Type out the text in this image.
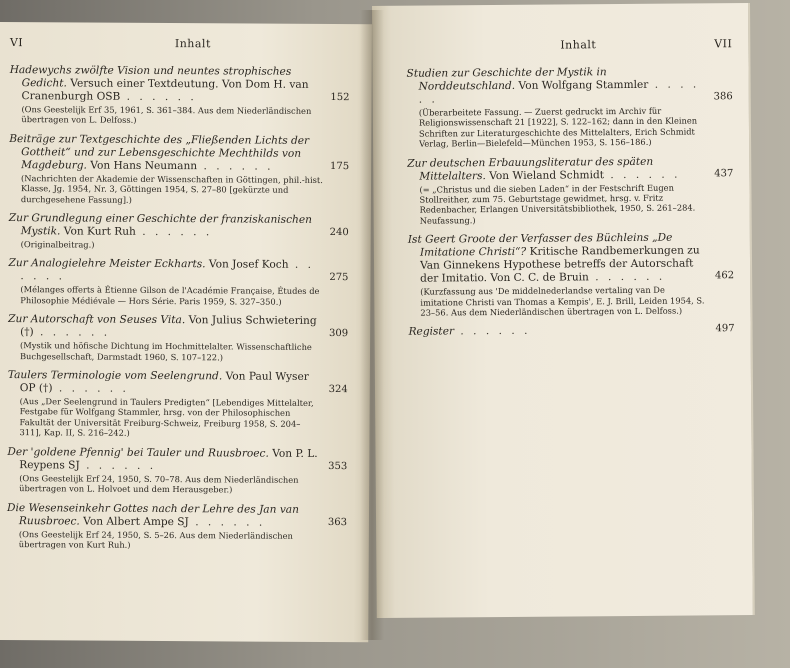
VI	Inhalt

Hadewychs zwölfte Vision und neuntes strophisches Gedicht. Versuch einer Textdeutung. Von Dom H. van Cranenburgh OSB . . . . . .	152

(Ons Geestelijk Erf 35, 1961, S. 361–384. Aus dem Niederländischen übertragen von L. Delfoss.)

Beiträge zur Textgeschichte des „Fließenden Lichts der Gottheit“ und zur Lebensgeschichte Mechthilds von Magdeburg. Von Hans Neumann . . . . . .	175

(Nachrichten der Akademie der Wissenschaften in Göttingen, phil.-hist. Klasse, Jg. 1954, Nr. 3, Göttingen 1954, S. 27–80 [gekürzte und durchgesehene Fassung].)

Zur Grundlegung einer Geschichte der franziskanischen Mystik. Von Kurt Ruh . . . . . .	240

(Originalbeitrag.)

Zur Analogielehre Meister Eckharts. Von Josef Koch . . . . . .	275

(Mélanges offerts à Étienne Gilson de l'Académie Française, Études de Philosophie Médiévale — Hors Série. Paris 1959, S. 327–350.)

Zur Autorschaft von Seuses Vita. Von Julius Schwietering (†) . . . . . .	309

(Mystik und höfische Dichtung im Hochmittelalter. Wissenschaftliche Buchgesellschaft, Darmstadt 1960, S. 107–122.)

Taulers Terminologie vom Seelengrund. Von Paul Wyser OP (†) . . . . . .	324

(Aus „Der Seelengrund in Taulers Predigten“ [Lebendiges Mittelalter, Festgabe für Wolfgang Stammler, hrsg. von der Philosophischen Fakultät der Universität Freiburg-Schweiz, Freiburg 1958, S. 204–311], Kap. II, S. 216–242.)

Der 'goldene Pfennig' bei Tauler und Ruusbroec. Von P. L. Reypens SJ . . . . . .	353

(Ons Geestelijk Erf 24, 1950, S. 70–78. Aus dem Niederländischen übertragen von L. Holvoet und dem Herausgeber.)

Die Wesenseinkehr Gottes nach der Lehre des Jan van Ruusbroec. Von Albert Ampe SJ . . . . . .	363

(Ons Geestelijk Erf 24, 1950, S. 5–26. Aus dem Niederländischen übertragen von Kurt Ruh.)

Inhalt	VII

Studien zur Geschichte der Mystik in Norddeutschland. Von Wolfgang Stammler . . . . . .	386

(Überarbeitete Fassung. — Zuerst gedruckt im Archiv für Religionswissenschaft 21 [1922], S. 122–162; dann in den Kleinen Schriften zur Literaturgeschichte des Mittelalters, Erich Schmidt Verlag, Berlin—Bielefeld—München 1953, S. 156–186.)

Zur deutschen Erbauungsliteratur des späten Mittelalters. Von Wieland Schmidt . . . . . .	437

(= „Christus und die sieben Laden“ in der Festschrift Eugen Stollreither, zum 75. Geburtstage gewidmet, hrsg. v. Fritz Redenbacher, Erlangen Universitätsbibliothek, 1950, S. 261–284. Neufassung.)

Ist Geert Groote der Verfasser des Büchleins „De Imitatione Christi“? Kritische Randbemerkungen zu Van Ginnekens Hypothese betreffs der Autorschaft der Imitatio. Von C. C. de Bruin . . . . . .	462

(Kurzfassung aus 'De middelnederlandse vertaling van De imitatione Christi van Thomas a Kempis', E. J. Brill, Leiden 1954, S. 23–56. Aus dem Niederländischen übertragen von L. Delfoss.)

Register . . . . . .	497
